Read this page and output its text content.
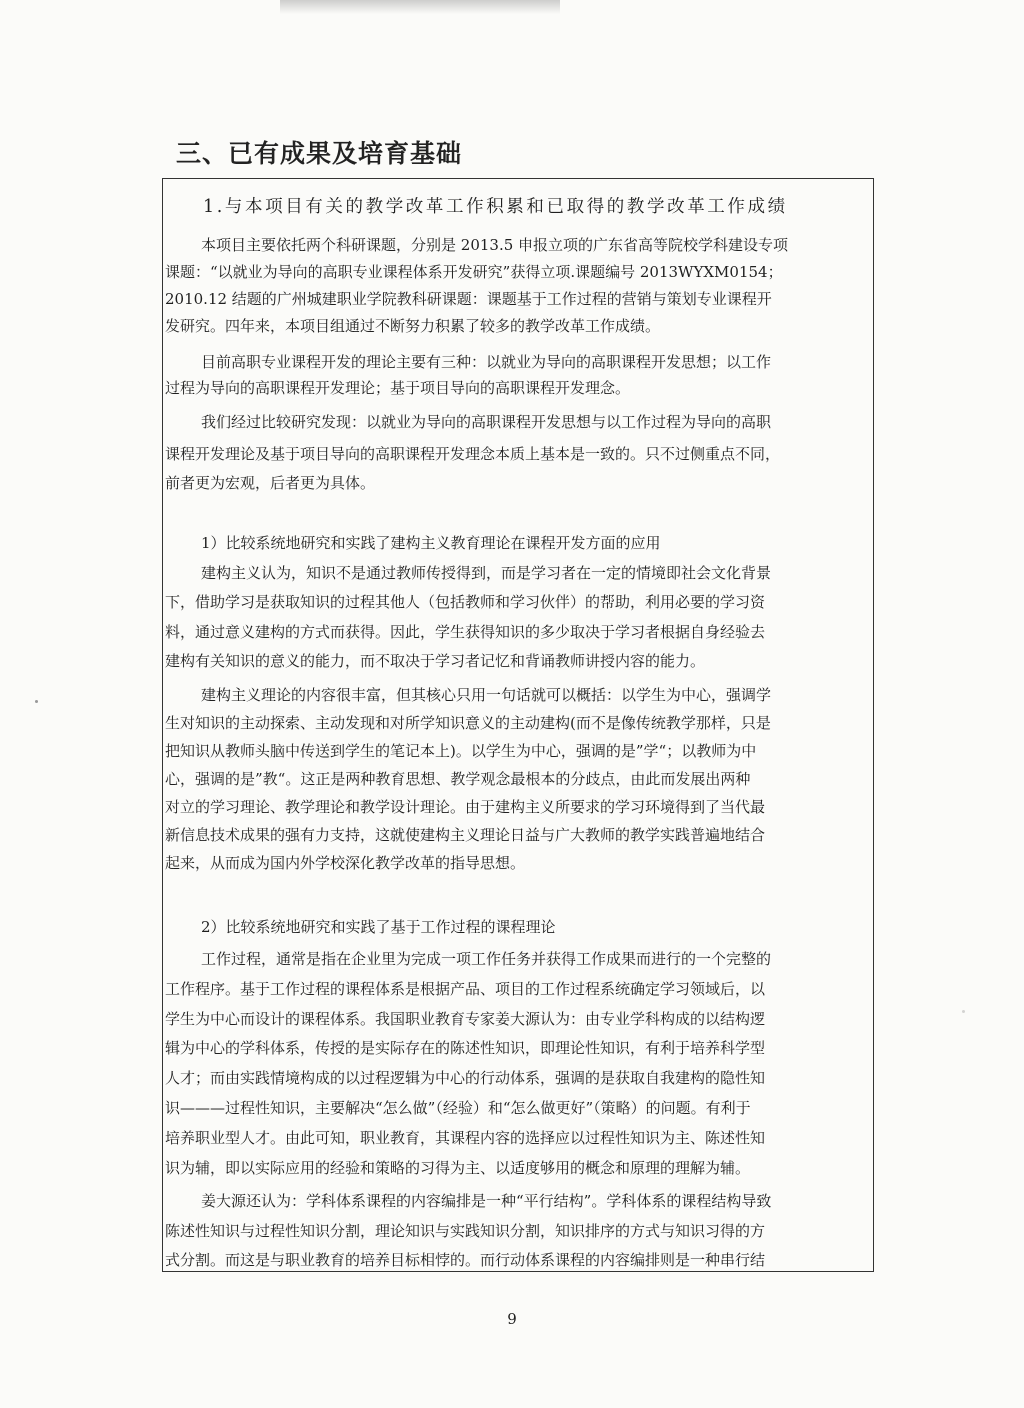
三、已有成果及培育基础
1.与本项目有关的教学改革工作积累和已取得的教学改革工作成绩
本项目主要依托两个科研课题，分别是 2013.5 申报立项的广东省高等院校学科建设专项
课题：“以就业为导向的高职专业课程体系开发研究”获得立项.课题编号 2013WYXM0154；
2010.12 结题的广州城建职业学院教科研课题：课题基于工作过程的营销与策划专业课程开
发研究。四年来，本项目组通过不断努力积累了较多的教学改革工作成绩。
目前高职专业课程开发的理论主要有三种：以就业为导向的高职课程开发思想；以工作
过程为导向的高职课程开发理论；基于项目导向的高职课程开发理念。
我们经过比较研究发现：以就业为导向的高职课程开发思想与以工作过程为导向的高职
课程开发理论及基于项目导向的高职课程开发理念本质上基本是一致的。只不过侧重点不同，
前者更为宏观，后者更为具体。
1）比较系统地研究和实践了建构主义教育理论在课程开发方面的应用
建构主义认为，知识不是通过教师传授得到，而是学习者在一定的情境即社会文化背景
下，借助学习是获取知识的过程其他人（包括教师和学习伙伴）的帮助，利用必要的学习资
料，通过意义建构的方式而获得。因此，学生获得知识的多少取决于学习者根据自身经验去
建构有关知识的意义的能力，而不取决于学习者记忆和背诵教师讲授内容的能力。
建构主义理论的内容很丰富，但其核心只用一句话就可以概括：以学生为中心，强调学
生对知识的主动探索、主动发现和对所学知识意义的主动建构(而不是像传统教学那样，只是
把知识从教师头脑中传送到学生的笔记本上)。以学生为中心，强调的是”学“；以教师为中
心，强调的是”教“。这正是两种教育思想、教学观念最根本的分歧点，由此而发展出两种
对立的学习理论、教学理论和教学设计理论。由于建构主义所要求的学习环境得到了当代最
新信息技术成果的强有力支持，这就使建构主义理论日益与广大教师的教学实践普遍地结合
起来，从而成为国内外学校深化教学改革的指导思想。
2）比较系统地研究和实践了基于工作过程的课程理论
工作过程，通常是指在企业里为完成一项工作任务并获得工作成果而进行的一个完整的
工作程序。基于工作过程的课程体系是根据产品、项目的工作过程系统确定学习领域后，以
学生为中心而设计的课程体系。我国职业教育专家姜大源认为：由专业学科构成的以结构逻
辑为中心的学科体系，传授的是实际存在的陈述性知识，即理论性知识，有利于培养科学型
人才；而由实践情境构成的以过程逻辑为中心的行动体系，强调的是获取自我建构的隐性知
识———过程性知识，主要解决“怎么做”（经验）和“怎么做更好”（策略）的问题。有利于
培养职业型人才。由此可知，职业教育，其课程内容的选择应以过程性知识为主、陈述性知
识为辅，即以实际应用的经验和策略的习得为主、以适度够用的概念和原理的理解为辅。
姜大源还认为：学科体系课程的内容编排是一种“平行结构”。学科体系的课程结构导致
陈述性知识与过程性知识分割，理论知识与实践知识分割，知识排序的方式与知识习得的方
式分割。而这是与职业教育的培养目标相悖的。而行动体系课程的内容编排则是一种串行结
9
